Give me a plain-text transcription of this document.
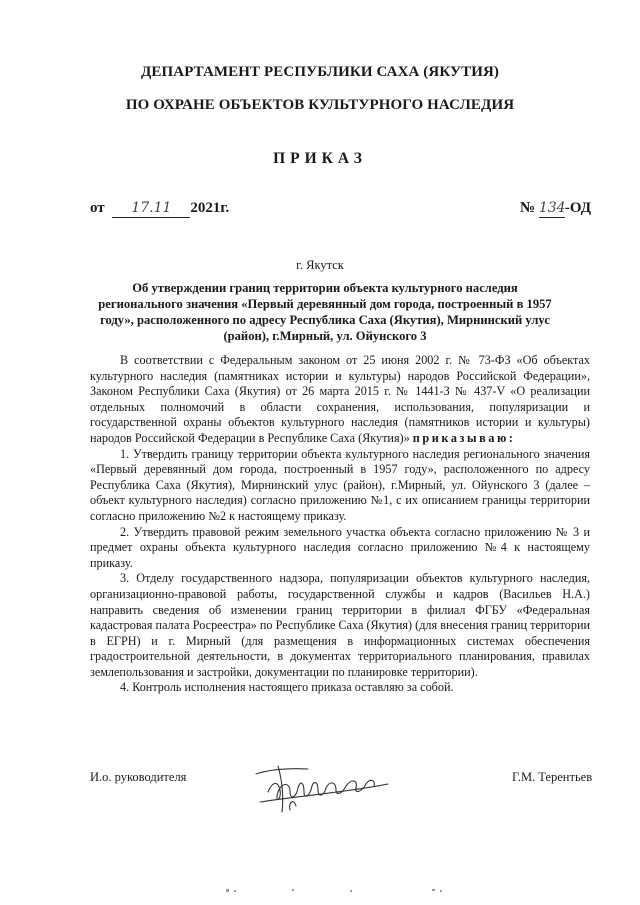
ДЕПАРТАМЕНТ РЕСПУБЛИКИ САХА (ЯКУТИЯ)
ПО ОХРАНЕ ОБЪЕКТОВ КУЛЬТУРНОГО НАСЛЕДИЯ
ПРИКАЗ
от 17.11 2021г.	№ 134-ОД
г. Якутск
Об утверждении границ территории объекта культурного наследия регионального значения «Первый деревянный дом города, построенный в 1957 году», расположенного по адресу Республика Саха (Якутия), Мирнинский улус (район), г.Мирный, ул. Ойунского 3

В соответствии с Федеральным законом от 25 июня 2002 г. № 73-ФЗ «Об объектах культурного наследия (памятниках истории и культуры) народов Российской Федерации», Законом Республики Саха (Якутия) от 26 марта 2015 г. № 1441-З № 437-V «О реализации отдельных полномочий в области сохранения, использования, популяризации и государственной охраны объектов культурного наследия (памятников истории и культуры) народов Российской Федерации в Республике Саха (Якутия)» приказываю:

1. Утвердить границу территории объекта культурного наследия регионального значения «Первый деревянный дом города, построенный в 1957 году», расположенного по адресу Республика Саха (Якутия), Мирнинский улус (район), г.Мирный, ул. Ойунского 3 (далее – объект культурного наследия) согласно приложению №1, с их описанием границы территории согласно приложению №2 к настоящему приказу.

2. Утвердить правовой режим земельного участка объекта согласно приложению № 3 и предмет охраны объекта культурного наследия согласно приложению №4 к настоящему приказу.

3. Отделу государственного надзора, популяризации объектов культурного наследия, организационно-правовой работы, государственной службы и кадров (Васильев Н.А.) направить сведения об изменении границ территории в филиал ФГБУ «Федеральная кадастровая палата Росреестра» по Республике Саха (Якутия) (для внесения границ территории в ЕГРН) и г. Мирный (для размещения в информационных системах обеспечения градостроительной деятельности, в документах территориального планирования, правилах землепользования и застройки, документации по планировке территории).

4. Контроль исполнения настоящего приказа оставляю за собой.

И.о. руководителя	Г.М. Терентьев
